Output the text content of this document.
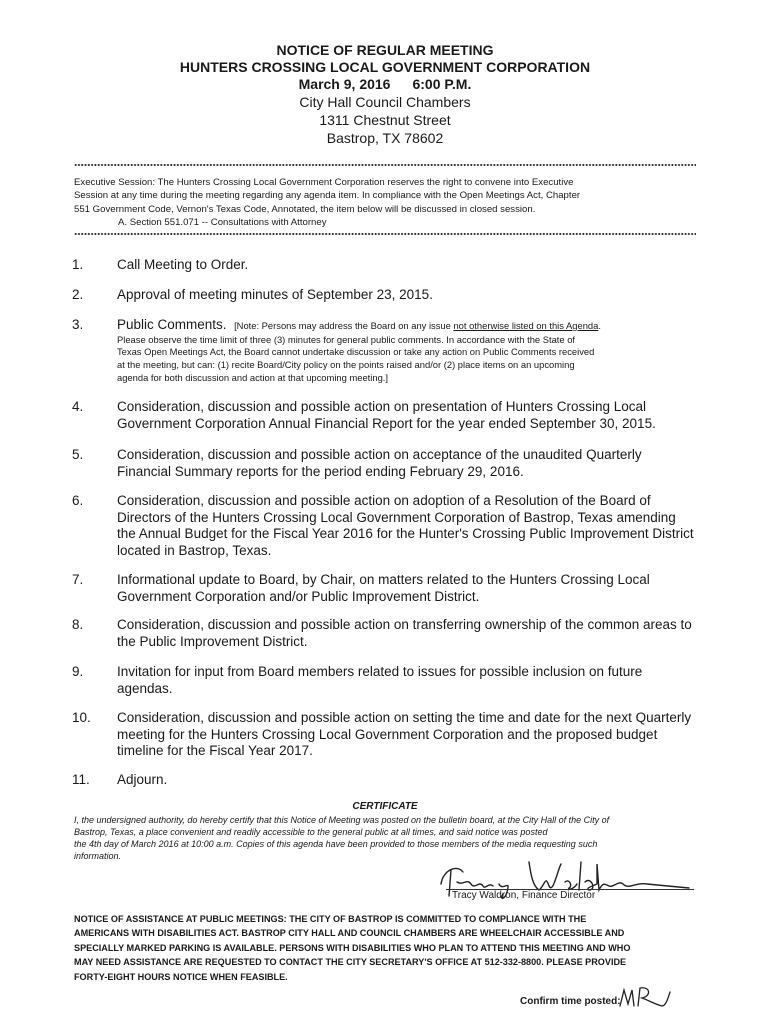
NOTICE OF REGULAR MEETING
HUNTERS CROSSING LOCAL GOVERNMENT CORPORATION
March 9, 2016 6:00 P.M.
City Hall Council Chambers
1311 Chestnut Street
Bastrop, TX 78602
Executive Session: The Hunters Crossing Local Government Corporation reserves the right to convene into Executive
Session at any time during the meeting regarding any agenda item. In compliance with the Open Meetings Act, Chapter
551 Government Code, Vernon's Texas Code, Annotated, the item below will be discussed in closed session.
A. Section 551.071 -- Consultations with Attorney
1. Call Meeting to Order.
2. Approval of meeting minutes of September 23, 2015.
3. Public Comments. [Note: Persons may address the Board on any issue not otherwise listed on this Agenda.
Please observe the time limit of three (3) minutes for general public comments. In accordance with the State of
Texas Open Meetings Act, the Board cannot undertake discussion or take any action on Public Comments received
at the meeting, but can: (1) recite Board/City policy on the points raised and/or (2) place items on an upcoming
agenda for both discussion and action at that upcoming meeting.]
4. Consideration, discussion and possible action on presentation of Hunters Crossing Local Government Corporation Annual Financial Report for the year ended September 30, 2015.
5. Consideration, discussion and possible action on acceptance of the unaudited Quarterly Financial Summary reports for the period ending February 29, 2016.
6. Consideration, discussion and possible action on adoption of a Resolution of the Board of Directors of the Hunters Crossing Local Government Corporation of Bastrop, Texas amending the Annual Budget for the Fiscal Year 2016 for the Hunter's Crossing Public Improvement District located in Bastrop, Texas.
7. Informational update to Board, by Chair, on matters related to the Hunters Crossing Local Government Corporation and/or Public Improvement District.
8. Consideration, discussion and possible action on transferring ownership of the common areas to the Public Improvement District.
9. Invitation for input from Board members related to issues for possible inclusion on future agendas.
10. Consideration, discussion and possible action on setting the time and date for the next Quarterly meeting for the Hunters Crossing Local Government Corporation and the proposed budget timeline for the Fiscal Year 2017.
11. Adjourn.
CERTIFICATE
I, the undersigned authority, do hereby certify that this Notice of Meeting was posted on the bulletin board, at the City Hall of the City of
Bastrop, Texas, a place convenient and readily accessible to the general public at all times, and said notice was posted
the 4th day of March 2016 at 10:00 a.m. Copies of this agenda have been provided to those members of the media requesting such
information.
Tracy Waldron, Finance Director
NOTICE OF ASSISTANCE AT PUBLIC MEETINGS: THE CITY OF BASTROP IS COMMITTED TO COMPLIANCE WITH THE
AMERICANS WITH DISABILITIES ACT. BASTROP CITY HALL AND COUNCIL CHAMBERS ARE WHEELCHAIR ACCESSIBLE AND
SPECIALLY MARKED PARKING IS AVAILABLE. PERSONS WITH DISABILITIES WHO PLAN TO ATTEND THIS MEETING AND WHO
MAY NEED ASSISTANCE ARE REQUESTED TO CONTACT THE CITY SECRETARY'S OFFICE AT 512-332-8800. PLEASE PROVIDE
FORTY-EIGHT HOURS NOTICE WHEN FEASIBLE.
Confirm time posted:
